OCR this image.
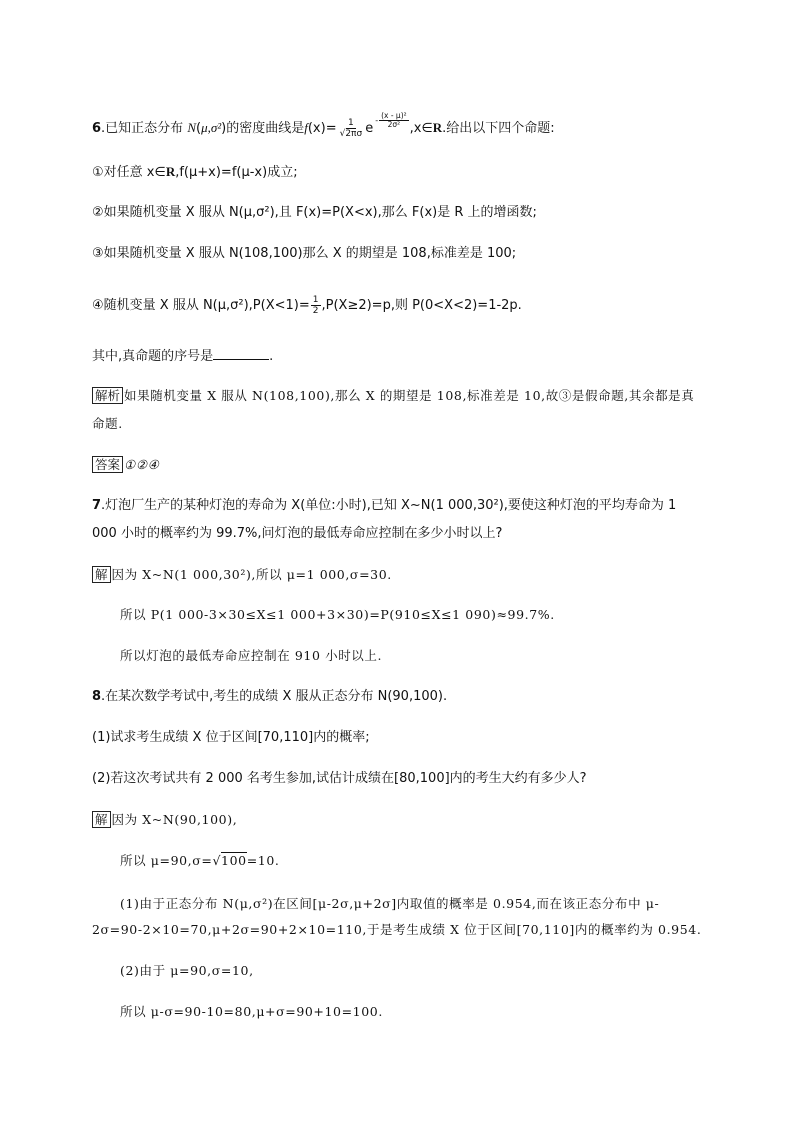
6.已知正态分布 N(μ,σ²)的密度曲线是$f(x)= \frac{1}{√2\pi\sigma} e- \frac{\text{(x - μ)²}}{\text{2σ²}}$ ,x∈R.给出以下四个命题:
①对任意 x∈R,f(μ+x)=f(μ-x)成立;
②如果随机变量 X 服从 N(μ,σ²),且 F(x)=P(X<x),那么 F(x)是 R 上的增函数;
③如果随机变量 X 服从 N(108,100)那么 X 的期望是 108,标准差是 100;
④随机变量 X 服从 $N(\mu,\sigma^2),P(X<1)= \frac{1}{2} ,P(X\ge 2)=p$,则 P(0<X<2)=1-2p.
其中,真命题的序号是	.
解析 如果随机变量 X 服从 N(108,100),那么 X 的期望是 108,标准差是 10,故③是假命题,其余都是真
命题.
答案 ①②④
7.灯泡厂生产的某种灯泡的寿命为 X(单位:小时),已知 X~N(1 000,30²),要使这种灯泡的平均寿命为 1
000 小时的概率约为 99.7%,问灯泡的最低寿命应控制在多少小时以上?
解 因为 X~N(1 000,30²),所以 μ=1 000,σ=30.
所以 P(1 000-3×30≤X≤1 000+3×30)=P(910≤X≤1 090)≈99.7%.
所以灯泡的最低寿命应控制在 910 小时以上.
8.在某次数学考试中,考生的成绩 X 服从正态分布 N(90,100).
(1)试求考生成绩 X 位于区间[70,110]内的概率;
(2)若这次考试共有 2 000 名考生参加,试估计成绩在[80,100]内的考生大约有多少人?
解 因为 X~N(90,100),
所以 μ=90,σ=√100=10.
(1)由于正态分布 N(μ,σ²)在区间[μ-2σ,μ+2σ]内取值的概率是 0.954,而在该正态分布中 μ-
2σ=90-2×10=70,μ+2σ=90+2×10=110,于是考生成绩 X 位于区间[70,110]内的概率约为 0.954.
(2)由于 μ=90,σ=10,
所以 μ-σ=90-10=80,μ+σ=90+10=100.
